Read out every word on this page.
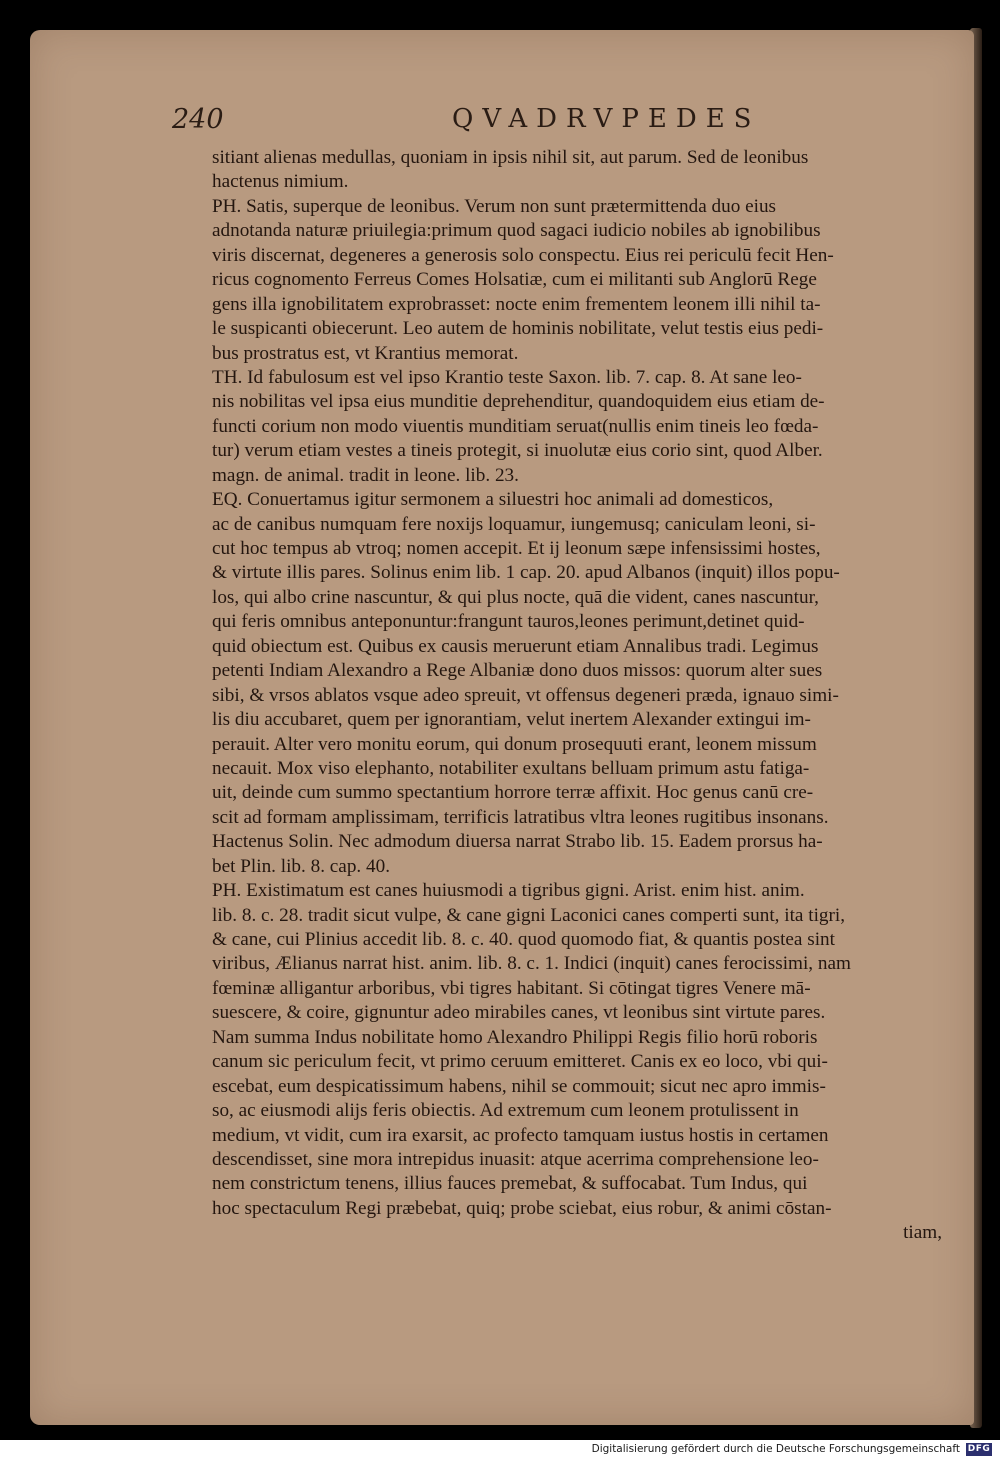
240	QVADRVPEDES
sitiant alienas medullas, quoniam in ipsis nihil sit, aut parum. Sed de leonibus
hactenus nimium.
PH. Satis, superque de leonibus. Verum non sunt prætermittenda duo eius
adnotanda naturæ priuilegia:primum quod sagaci iudicio nobiles ab ignobilibus
viris discernat, degeneres a generosis solo conspectu. Eius rei periculū fecit Hen-
ricus cognomento Ferreus Comes Holsatiæ, cum ei militanti sub Anglorū Rege
gens illa ignobilitatem exprobrasset: nocte enim frementem leonem illi nihil ta-
le suspicanti obiecerunt. Leo autem de hominis nobilitate, velut testis eius pedi-
bus prostratus est, vt Krantius memorat.
TH. Id fabulosum est vel ipso Krantio teste Saxon. lib. 7. cap. 8. At sane leo-
nis nobilitas vel ipsa eius munditie deprehenditur, quandoquidem eius etiam de-
functi corium non modo viuentis munditiam seruat(nullis enim tineis leo fœda-
tur) verum etiam vestes a tineis protegit, si inuolutæ eius corio sint, quod Alber.
magn. de animal. tradit in leone. lib. 23.
EQ. Conuertamus igitur sermonem a siluestri hoc animali ad domesticos,
ac de canibus numquam fere noxijs loquamur, iungemusq; caniculam leoni, si-
cut hoc tempus ab vtroq; nomen accepit. Et ij leonum sæpe infensissimi hostes,
& virtute illis pares. Solinus enim lib. 1 cap. 20. apud Albanos (inquit) illos popu-
los, qui albo crine nascuntur, & qui plus nocte, quā die vident, canes nascuntur,
qui feris omnibus anteponuntur:frangunt tauros,leones perimunt,detinet quid-
quid obiectum est. Quibus ex causis meruerunt etiam Annalibus tradi. Legimus
petenti Indiam Alexandro a Rege Albaniæ dono duos missos: quorum alter sues
sibi, & vrsos ablatos vsque adeo spreuit, vt offensus degeneri præda, ignauo simi-
lis diu accubaret, quem per ignorantiam, velut inertem Alexander extingui im-
perauit. Alter vero monitu eorum, qui donum prosequuti erant, leonem missum
necauit. Mox viso elephanto, notabiliter exultans belluam primum astu fatiga-
uit, deinde cum summo spectantium horrore terræ affixit. Hoc genus canū cre-
scit ad formam amplissimam, terrificis latratibus vltra leones rugitibus insonans.
Hactenus Solin. Nec admodum diuersa narrat Strabo lib. 15. Eadem prorsus ha-
bet Plin. lib. 8. cap. 40.
PH. Existimatum est canes huiusmodi a tigribus gigni. Arist. enim hist. anim.
lib. 8. c. 28. tradit sicut vulpe, & cane gigni Laconici canes comperti sunt, ita tigri,
& cane, cui Plinius accedit lib. 8. c. 40. quod quomodo fiat, & quantis postea sint
viribus, Ælianus narrat hist. anim. lib. 8. c. 1. Indici (inquit) canes ferocissimi, nam
fœminæ alligantur arboribus, vbi tigres habitant. Si cōtingat tigres Venere mā-
suescere, & coire, gignuntur adeo mirabiles canes, vt leonibus sint virtute pares.
Nam summa Indus nobilitate homo Alexandro Philippi Regis filio horū roboris
canum sic periculum fecit, vt primo ceruum emitteret. Canis ex eo loco, vbi qui-
escebat, eum despicatissimum habens, nihil se commouit; sicut nec apro immis-
so, ac eiusmodi alijs feris obiectis. Ad extremum cum leonem protulissent in
medium, vt vidit, cum ira exarsit, ac profecto tamquam iustus hostis in certamen
descendisset, sine mora intrepidus inuasit: atque acerrima comprehensione leo-
nem constrictum tenens, illius fauces premebat, & suffocabat. Tum Indus, qui
hoc spectaculum Regi præbebat, quiq; probe sciebat, eius robur, & animi cōstan-
tiam,
Digitalisierung gefördert durch die Deutsche Forschungsgemeinschaft DFG
